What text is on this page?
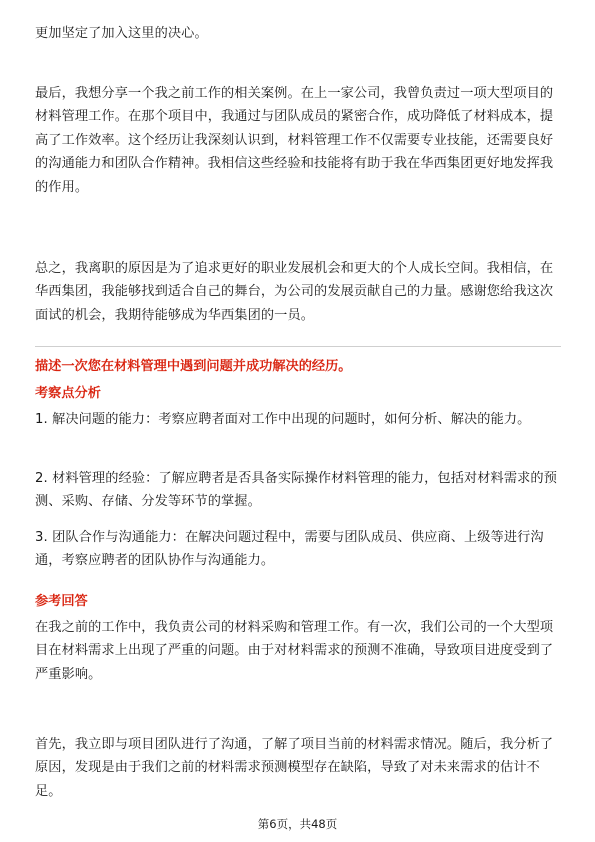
更加坚定了加入这里的决心。

最后，我想分享一个我之前工作的相关案例。在上一家公司，我曾负责过一项大型项目的材料管理工作。在那个项目中，我通过与团队成员的紧密合作，成功降低了材料成本，提高了工作效率。这个经历让我深刻认识到，材料管理工作不仅需要专业技能，还需要良好的沟通能力和团队合作精神。我相信这些经验和技能将有助于我在华西集团更好地发挥我的作用。

总之，我离职的原因是为了追求更好的职业发展机会和更大的个人成长空间。我相信，在华西集团，我能够找到适合自己的舞台，为公司的发展贡献自己的力量。感谢您给我这次面试的机会，我期待能够成为华西集团的一员。

描述一次您在材料管理中遇到问题并成功解决的经历。

考察点分析

1. 解决问题的能力：考察应聘者面对工作中出现的问题时，如何分析、解决的能力。

2. 材料管理的经验：了解应聘者是否具备实际操作材料管理的能力，包括对材料需求的预测、采购、存储、分发等环节的掌握。

3. 团队合作与沟通能力：在解决问题过程中，需要与团队成员、供应商、上级等进行沟通，考察应聘者的团队协作与沟通能力。

参考回答

在我之前的工作中，我负责公司的材料采购和管理工作。有一次，我们公司的一个大型项目在材料需求上出现了严重的问题。由于对材料需求的预测不准确，导致项目进度受到了严重影响。

首先，我立即与项目团队进行了沟通，了解了项目当前的材料需求情况。随后，我分析了原因，发现是由于我们之前的材料需求预测模型存在缺陷，导致了对未来需求的估计不足。

第6页，共48页
